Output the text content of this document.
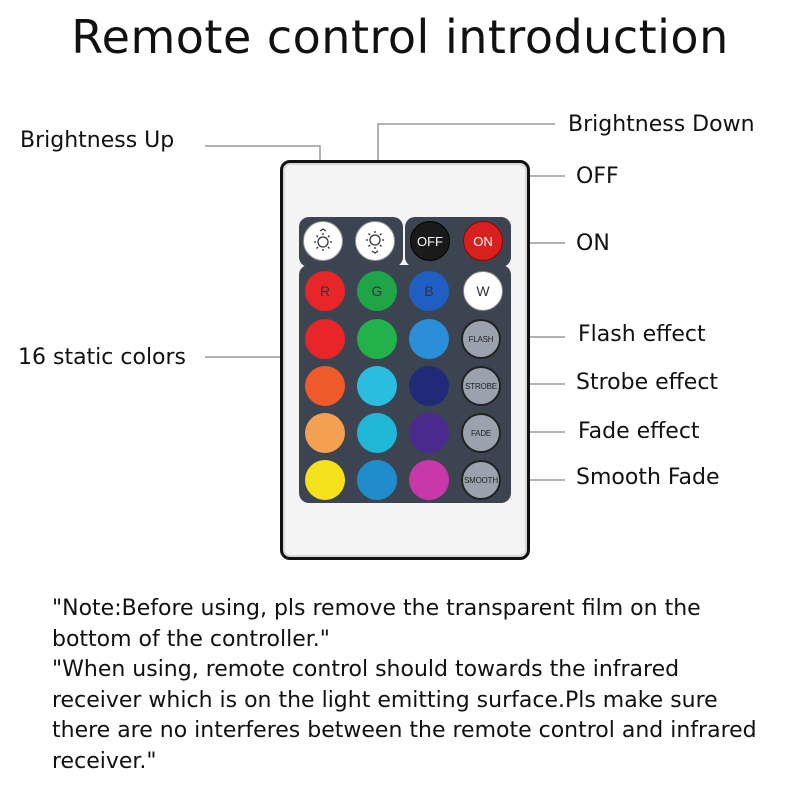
Remote control introduction
Brightness Up
Brightness Down
OFF
ON
16 static colors
Flash effect
Strobe effect
Fade effect
Smooth Fade
OFF ON
R	G	B	W
FLASH
STROBE
FADE
SMOOTH

"Note:Before using, pls remove the transparent film on the bottom of the controller."

"When using, remote control should towards the infrared receiver which is on the light emitting surface.Pls make sure there are no interferes between the remote control and infrared receiver."
